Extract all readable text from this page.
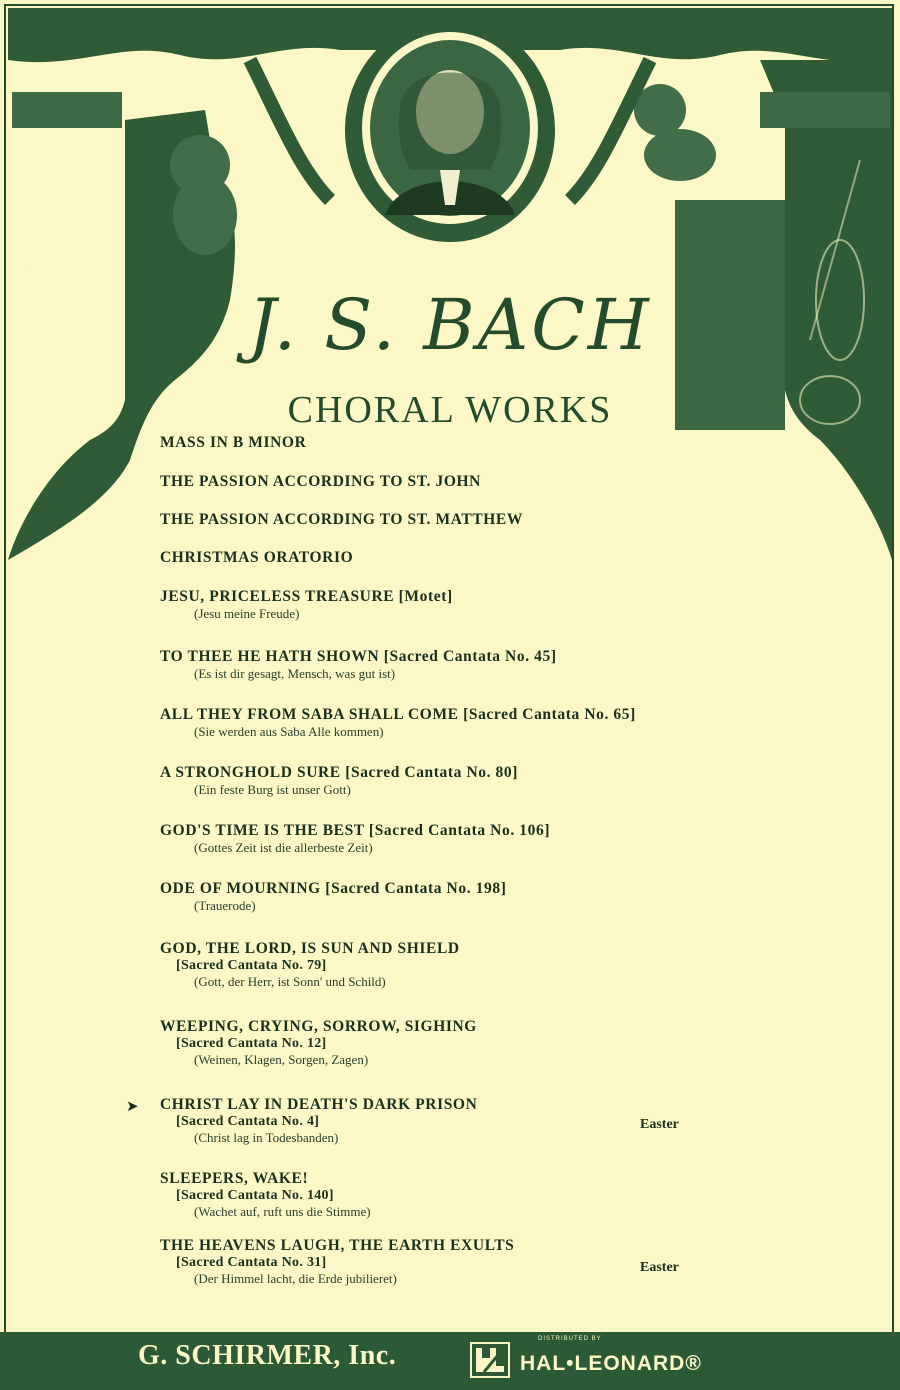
J. S. BACH
CHORAL WORKS
MASS IN B MINOR
THE PASSION ACCORDING TO ST. JOHN
THE PASSION ACCORDING TO ST. MATTHEW
CHRISTMAS ORATORIO
JESU, PRICELESS TREASURE [Motet]
(Jesu meine Freude)
TO THEE HE HATH SHOWN [Sacred Cantata No. 45]
(Es ist dir gesagt, Mensch, was gut ist)
ALL THEY FROM SABA SHALL COME [Sacred Cantata No. 65]
(Sie werden aus Saba Alle kommen)
A STRONGHOLD SURE [Sacred Cantata No. 80]
(Ein feste Burg ist unser Gott)
GOD'S TIME IS THE BEST [Sacred Cantata No. 106]
(Gottes Zeit ist die allerbeste Zeit)
ODE OF MOURNING [Sacred Cantata No. 198]
(Trauerode)
GOD, THE LORD, IS SUN AND SHIELD
[Sacred Cantata No. 79]
(Gott, der Herr, ist Sonn' und Schild)
WEEPING, CRYING, SORROW, SIGHING
[Sacred Cantata No. 12]
(Weinen, Klagen, Sorgen, Zagen)
➤ CHRIST LAY IN DEATH'S DARK PRISON
[Sacred Cantata No. 4]
(Christ lag in Todesbanden)
Easter
SLEEPERS, WAKE!
[Sacred Cantata No. 140]
(Wachet auf, ruft uns die Stimme)
THE HEAVENS LAUGH, THE EARTH EXULTS
[Sacred Cantata No. 31]
(Der Himmel lacht, die Erde jubilieret)
Easter
G. SCHIRMER, Inc.
DISTRIBUTED BY
HAL•LEONARD®
